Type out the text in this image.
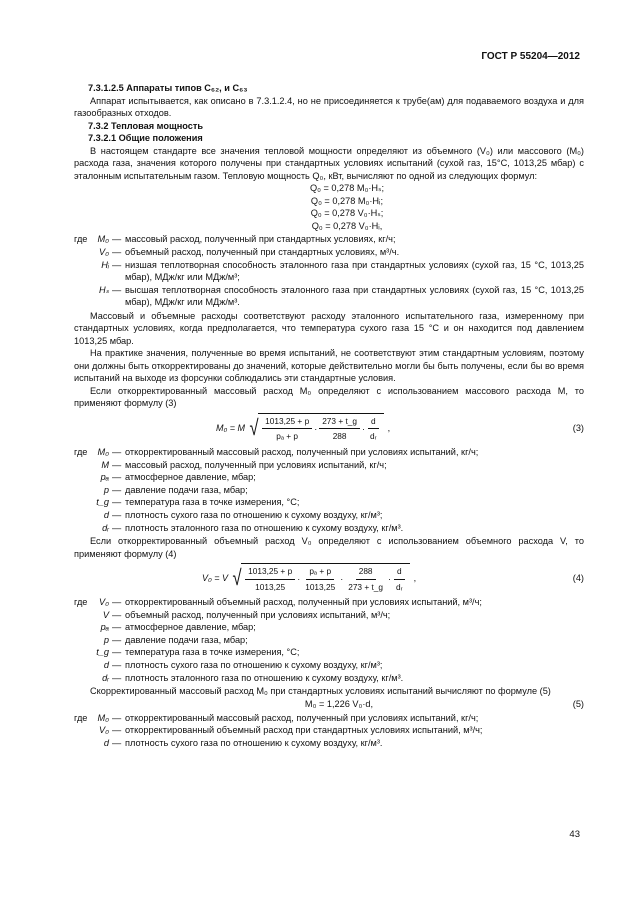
ГОСТ Р 55204—2012

7.3.1.2.5 Аппараты типов C₆₂, и C₆₃

Аппарат испытывается, как описано в 7.3.1.2.4, но не присоединяется к трубе(ам) для подаваемого воздуха и для газообразных отходов.

7.3.2 Тепловая мощность

7.3.2.1 Общие положения

В настоящем стандарте все значения тепловой мощности определяют из объемного (V₀) или массового (M₀) расхода газа, значения которого получены при стандартных условиях испытаний (сухой газ, 15°C, 1013,25 мбар) с эталонным испытательным газом. Тепловую мощность Q₀, кВт, вычисляют по одной из следующих формул:

Q₀ = 0,278 M₀·Hₛ;
Q₀ = 0,278 M₀·Hᵢ;
Q₀ = 0,278 V₀·Hₛ;
Q₀ = 0,278 V₀·Hᵢ,
где	M₀ — массовый расход, полученный при стандартных условиях, кг/ч;
V₀ — объемный расход, полученный при стандартных условиях, м³/ч.
Hᵢ — низшая теплотворная способность эталонного газа при стандартных условиях (сухой газ, 15 °C, 1013,25 мбар), МДж/кг или МДж/м³;
Hₛ — высшая теплотворная способность эталонного газа при стандартных условиях (сухой газ, 15 °C, 1013,25 мбар), МДж/кг или МДж/м³.

Массовый и объемные расходы соответствуют расходу эталонного испытательного газа, измеренному при стандартных условиях, когда предполагается, что температура сухого газа 15 °C и он находится под давлением 1013,25 мбар.

На практике значения, полученные во время испытаний, не соответствуют этим стандартным условиям, поэтому они должны быть откорректированы до значений, которые действительно могли бы быть получены, если бы во время испытаний на выходе из форсунки соблюдались эти стандартные условия.

Если откорректированный массовый расход M₀ определяют с использованием массового расхода M, то применяют формулу (3)

M₀ = M √ $\frac{1013,25 + p}{\text{pₐ + p}} \cdot \frac{273 + t\_g}{288} \cdot \frac{d}{\text{dᵣ}}$ ,	(3)
где	M₀ — откорректированный массовый расход, полученный при условиях испытаний, кг/ч;
M — массовый расход, полученный при условиях испытаний, кг/ч;
pₐ — атмосферное давление, мбар;
p — давление подачи газа, мбар;
t_g — температура газа в точке измерения, °C;
d — плотность сухого газа по отношению к сухому воздуху, кг/м³;
dᵣ — плотность эталонного газа по отношению к сухому воздуху, кг/м³.

Если откорректированный объемный расход V₀ определяют с использованием объемного расхода V, то применяют формулу (4)

V₀ = V √ $\frac{1013,25 + p}{1013,25} \cdot \frac{\text{pₐ + p}}{1013,25} \cdot \frac{288}{273 + t\_g} \cdot \frac{d}{\text{dᵣ}}$ ,	(4)
где	V₀ — откорректированный объемный расход, полученный при условиях испытаний, м³/ч;
V — объемный расход, полученный при условиях испытаний, м³/ч;
pₐ — атмосферное давление, мбар;
p — давление подачи газа, мбар;
t_g — температура газа в точке измерения, °C;
d — плотность сухого газа по отношению к сухому воздуху, кг/м³;
dᵣ — плотность эталонного газа по отношению к сухому воздуху, кг/м³.

Скорректированный массовый расход M₀ при стандартных условиях испытаний вычисляют по формуле (5)

M₀ = 1,226 V₀·d,	(5)
где	M₀ — откорректированный массовый расход, полученный при условиях испытаний, кг/ч;
V₀ — откорректированный объемный расход при стандартных условиях испытаний, м³/ч;
d — плотность сухого газа по отношению к сухому воздуху, кг/м³.
43
